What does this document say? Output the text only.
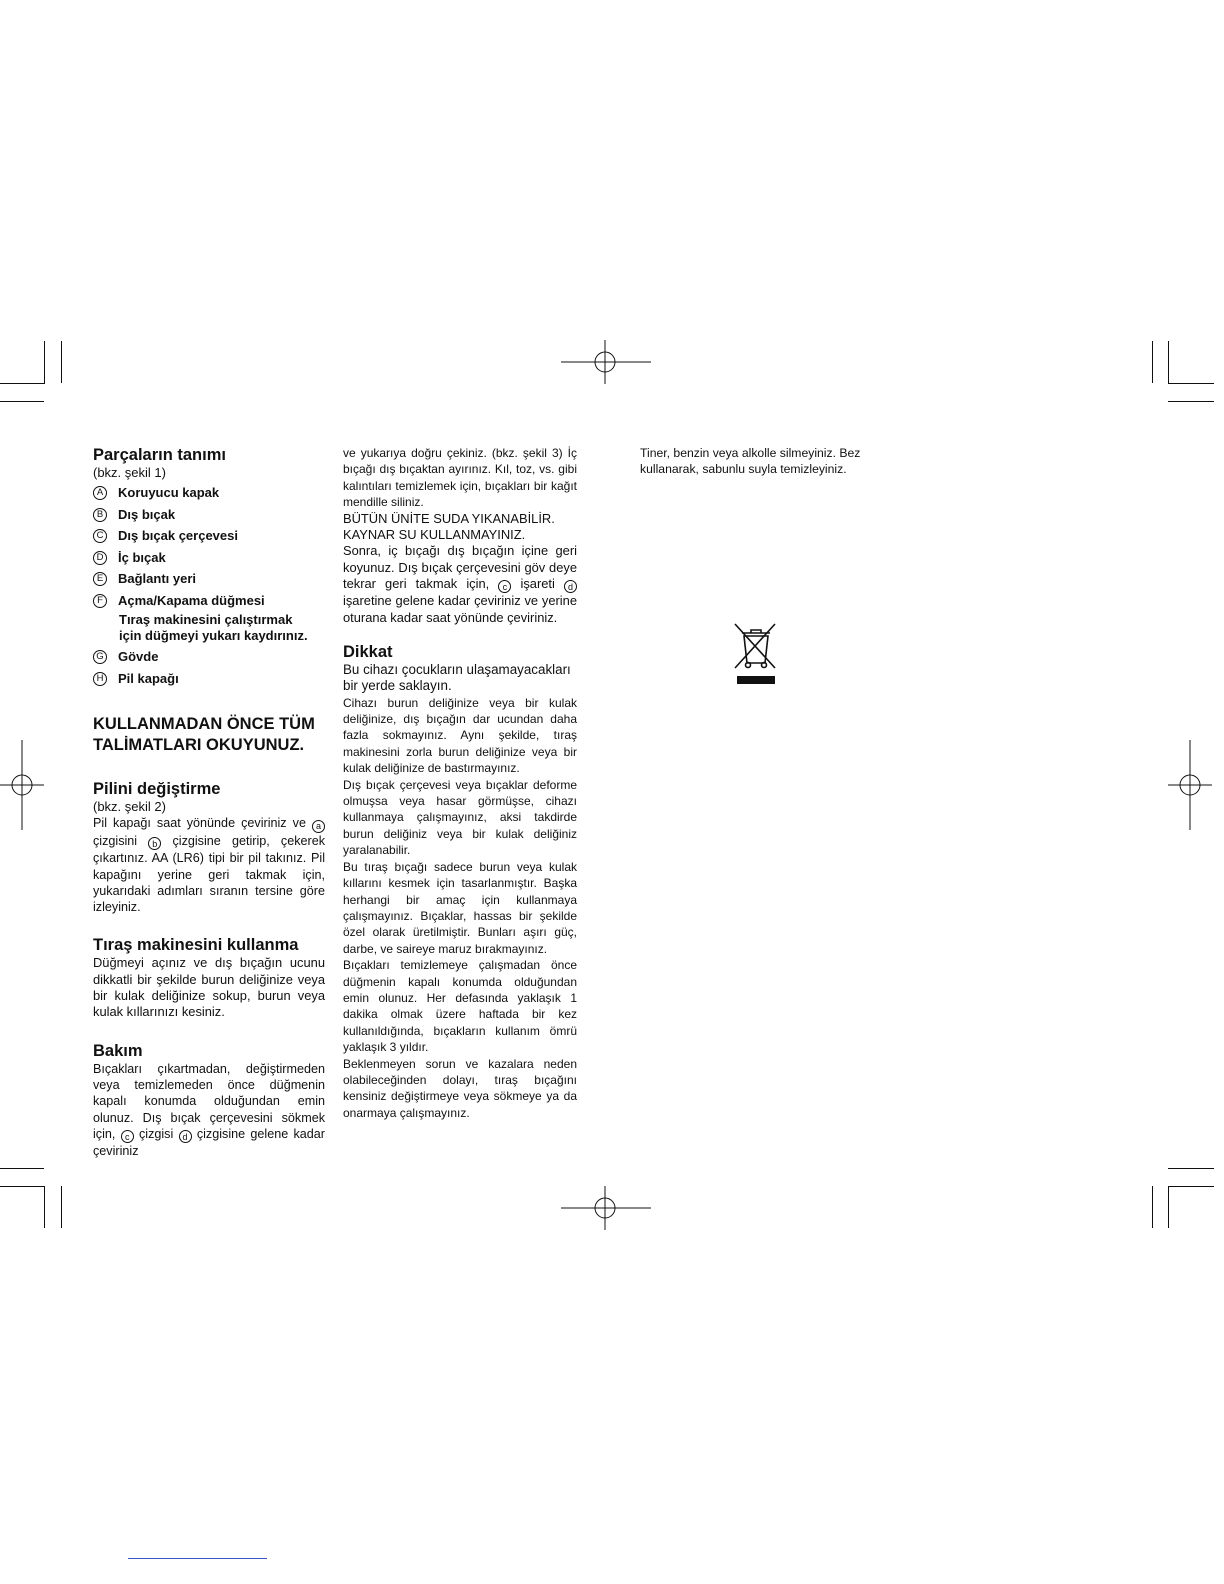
Parçaların tanımı
(bkz. şekil 1)
A Koruyucu kapak
B Dış bıçak
C Dış bıçak çerçevesi
D İç bıçak
E Bağlantı yeri
F	Açma/Kapama düğmesi
Tıraş makinesini çalıştırmak
için düğmeyi yukarı kaydırınız.
G Gövde
H Pil kapağı
KULLANMADAN ÖNCE TÜM
TALİMATLARI OKUYUNUZ.
Pilini değiştirme
(bkz. şekil 2)

Pil kapağı saat yönünde çeviriniz ve a çizgisini b çizgisine getirip, çekerek çıkartınız. AA (LR6) tipi bir pil takınız. Pil kapağını yerine geri takmak için, yukarıdaki adımları sıranın tersine göre izleyiniz.

Tıraş makinesini kullanma

Düğmeyi açınız ve dış bıçağın ucunu dikkatli bir şekilde burun deliğinize veya bir kulak deliğinize sokup, burun veya kulak kıllarınızı kesiniz.

Bakım

Bıçakları çıkartmadan, değiştirmeden veya temizlemeden önce düğmenin kapalı konumda olduğundan emin olunuz. Dış bıçak çerçevesini sökmek için, c çizgisi d çizgisine gelene kadar çeviriniz

ve yukarıya doğru çekiniz. (bkz. şekil 3) İç bıçağı dış bıçaktan ayırınız. Kıl, toz, vs. gibi kalıntıları temizlemek için, bıçakları bir kağıt mendille siliniz.

BÜTÜN ÜNİTE SUDA YIKANABİLİR.

KAYNAR SU KULLANMAYINIZ.

Sonra, iç bıçağı dış bıçağın içine geri koyunuz. Dış bıçak çerçevesini göv deye tekrar geri takmak için, c işareti d işaretine gelene kadar çeviriniz ve yerine oturana kadar saat yönünde çeviriniz.

Dikkat

Bu cihazı çocukların ulaşamayacakları bir yerde saklayın.

Cihazı burun deliğinize veya bir kulak deliğinize, dış bıçağın dar ucundan daha fazla sokmayınız. Aynı şekilde, tıraş makinesini zorla burun deliğinize veya bir kulak deliğinize de bastırmayınız.

Dış bıçak çerçevesi veya bıçaklar deforme olmuşsa veya hasar görmüşse, cihazı kullanmaya çalışmayınız, aksi takdirde burun deliğiniz veya bir kulak deliğiniz yaralanabilir.

Bu tıraş bıçağı sadece burun veya kulak kıllarını kesmek için tasarlanmıştır. Başka herhangi bir amaç için kullanmaya çalışmayınız. Bıçaklar, hassas bir şekilde özel olarak üretilmiştir. Bunları aşırı güç, darbe, ve saireye maruz bırakmayınız.

Bıçakları temizlemeye çalışmadan önce düğmenin kapalı konumda olduğundan emin olunuz. Her defasında yaklaşık 1 dakika olmak üzere haftada bir kez kullanıldığında, bıçakların kullanım ömrü yaklaşık 3 yıldır.

Beklenmeyen sorun ve kazalara neden olabileceğinden dolayı, tıraş bıçağını kensiniz değiştirmeye veya sökmeye ya da onarmaya çalışmayınız.

Tiner, benzin veya alkolle silmeyiniz. Bez kullanarak, sabunlu suyla temizleyiniz.
